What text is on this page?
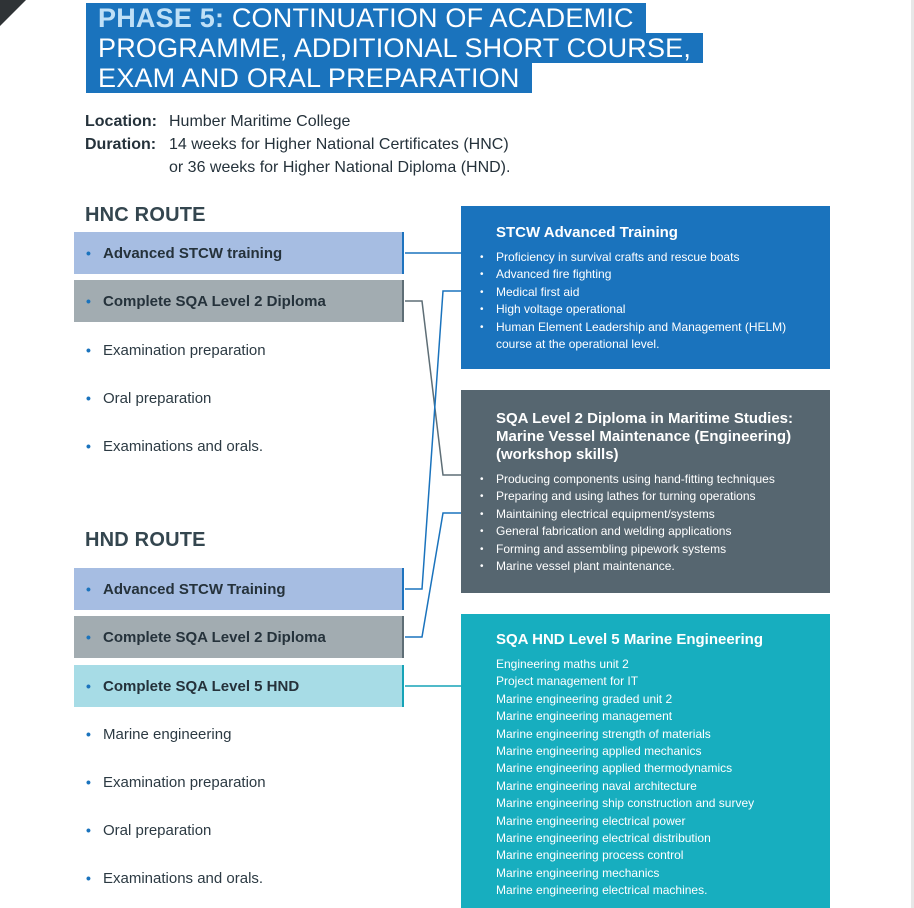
PHASE 5: CONTINUATION OF ACADEMIC
PROGRAMME, ADDITIONAL SHORT COURSE,
EXAM AND ORAL PREPARATION
Location: Humber Maritime College
Duration: 14 weeks for Higher National Certificates (HNC)
or 36 weeks for Higher National Diploma (HND).
HNC ROUTE
• Advanced STCW training
• Complete SQA Level 2 Diploma
• Examination preparation
• Oral preparation
• Examinations and orals.
HND ROUTE
• Advanced STCW Training
• Complete SQA Level 2 Diploma
• Complete SQA Level 5 HND
• Marine engineering
• Examination preparation
• Oral preparation
• Examinations and orals.
STCW Advanced Training
• Proficiency in survival crafts and rescue boats
• Advanced fire fighting
• Medical first aid
• High voltage operational
• Human Element Leadership and Management (HELM) course at the operational level.
SQA Level 2 Diploma in Maritime Studies: Marine Vessel Maintenance (Engineering) (workshop skills)
• Producing components using hand-fitting techniques
• Preparing and using lathes for turning operations
• Maintaining electrical equipment/systems
• General fabrication and welding applications
• Forming and assembling pipework systems
• Marine vessel plant maintenance.
SQA HND Level 5 Marine Engineering
Engineering maths unit 2
Project management for IT
Marine engineering graded unit 2
Marine engineering management
Marine engineering strength of materials
Marine engineering applied mechanics
Marine engineering applied thermodynamics
Marine engineering naval architecture
Marine engineering ship construction and survey
Marine engineering electrical power
Marine engineering electrical distribution
Marine engineering process control
Marine engineering mechanics
Marine engineering electrical machines.
